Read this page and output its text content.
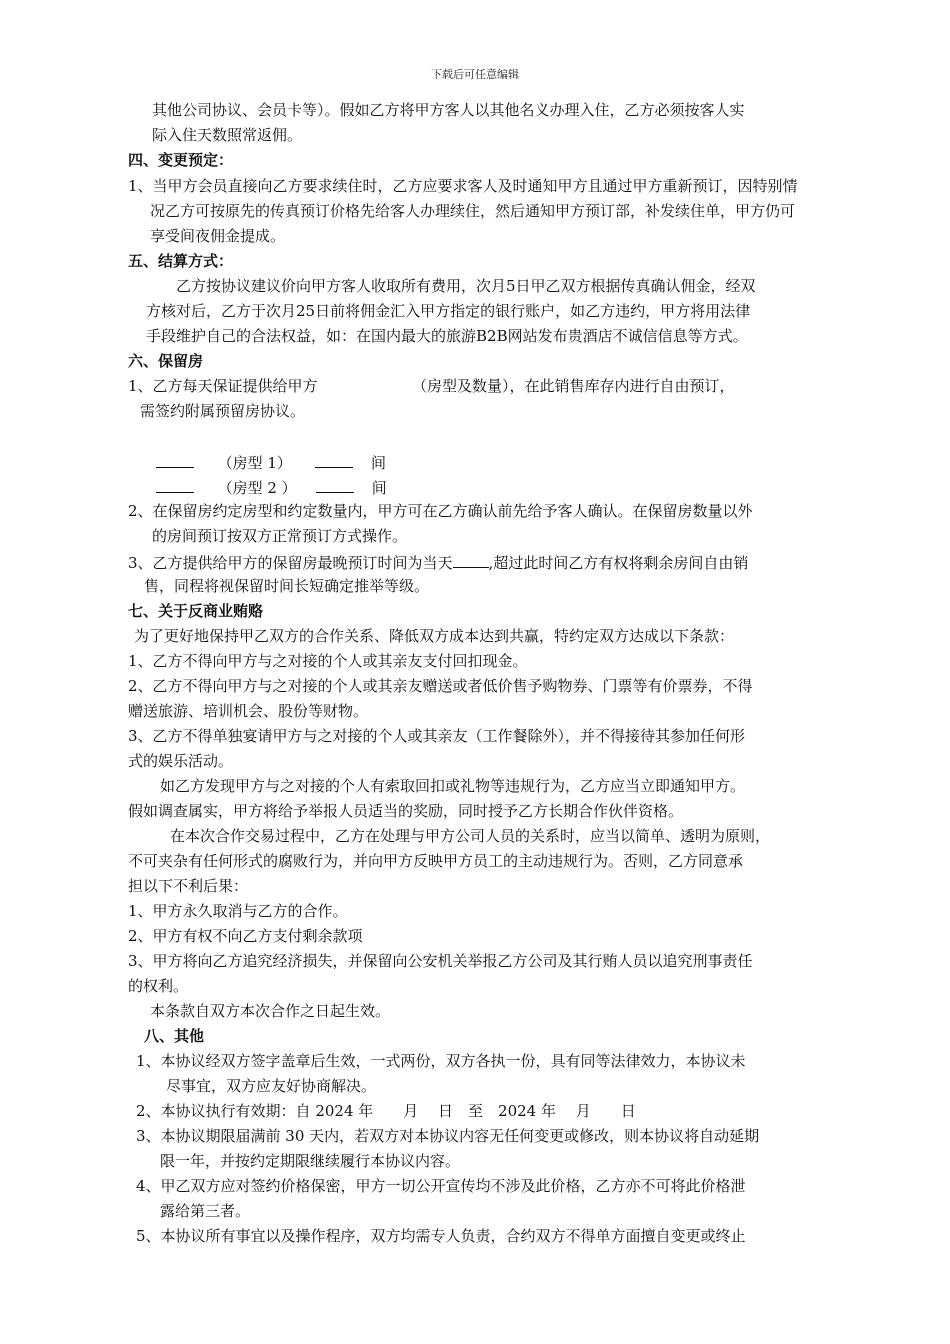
下载后可任意编辑
其他公司协议、会员卡等）。假如乙方将甲方客人以其他名义办理入住，乙方必须按客人实
际入住天数照常返佣。
四、变更预定：
1、当甲方会员直接向乙方要求续住时，乙方应要求客人及时通知甲方且通过甲方重新预订，因特别情
况乙方可按原先的传真预订价格先给客人办理续住，然后通知甲方预订部，补发续住单，甲方仍可
享受间夜佣金提成。
五、结算方式：
乙方按协议建议价向甲方客人收取所有费用，次月5日甲乙双方根据传真确认佣金，经双
方核对后，乙方于次月25日前将佣金汇入甲方指定的银行账户，如乙方违约，甲方将用法律
手段维护自己的合法权益，如：在国内最大的旅游B2B网站发布贵酒店不诚信信息等方式。
六、保留房
1、乙方每天保证提供给甲方	（房型及数量），在此销售库存内进行自由预订，
需签约附属预留房协议。
（房型 1）	间
（房型 2 ）	间
2、在保留房约定房型和约定数量内，甲方可在乙方确认前先给予客人确认。在保留房数量以外
的房间预订按双方正常预订方式操作。
3、乙方提供给甲方的保留房最晚预订时间为当天 ,超过此时间乙方有权将剩余房间自由销
售，同程将视保留时间长短确定推举等级。
七、关于反商业贿赂
为了更好地保持甲乙双方的合作关系、降低双方成本达到共赢，特约定双方达成以下条款：
1、乙方不得向甲方与之对接的个人或其亲友支付回扣现金。
2、乙方不得向甲方与之对接的个人或其亲友赠送或者低价售予购物券、门票等有价票券，不得
赠送旅游、培训机会、股份等财物。
3、乙方不得单独宴请甲方与之对接的个人或其亲友（工作餐除外），并不得接待其参加任何形
式的娱乐活动。
如乙方发现甲方与之对接的个人有索取回扣或礼物等违规行为，乙方应当立即通知甲方。
假如调查属实，甲方将给予举报人员适当的奖励，同时授予乙方长期合作伙伴资格。
在本次合作交易过程中，乙方在处理与甲方公司人员的关系时，应当以简单、透明为原则，
不可夹杂有任何形式的腐败行为，并向甲方反映甲方员工的主动违规行为。否则，乙方同意承
担以下不利后果：
1、甲方永久取消与乙方的合作。
2、甲方有权不向乙方支付剩余款项
3、甲方将向乙方追究经济损失，并保留向公安机关举报乙方公司及其行贿人员以追究刑事责任
的权利。
本条款自双方本次合作之日起生效。
八、其他
1、本协议经双方签字盖章后生效，一式两份，双方各执一份，具有同等法律效力，本协议未
尽事宜，双方应友好协商解决。
2、本协议执行有效期：自 2024 年　　月　 日　至　2024 年　 月　　日
3、本协议期限届满前 30 天内，若双方对本协议内容无任何变更或修改，则本协议将自动延期
限一年，并按约定期限继续履行本协议内容。
4、甲乙双方应对签约价格保密，甲方一切公开宣传均不涉及此价格，乙方亦不可将此价格泄
露给第三者。
5、本协议所有事宜以及操作程序，双方均需专人负责，合约双方不得单方面擅自变更或终止
